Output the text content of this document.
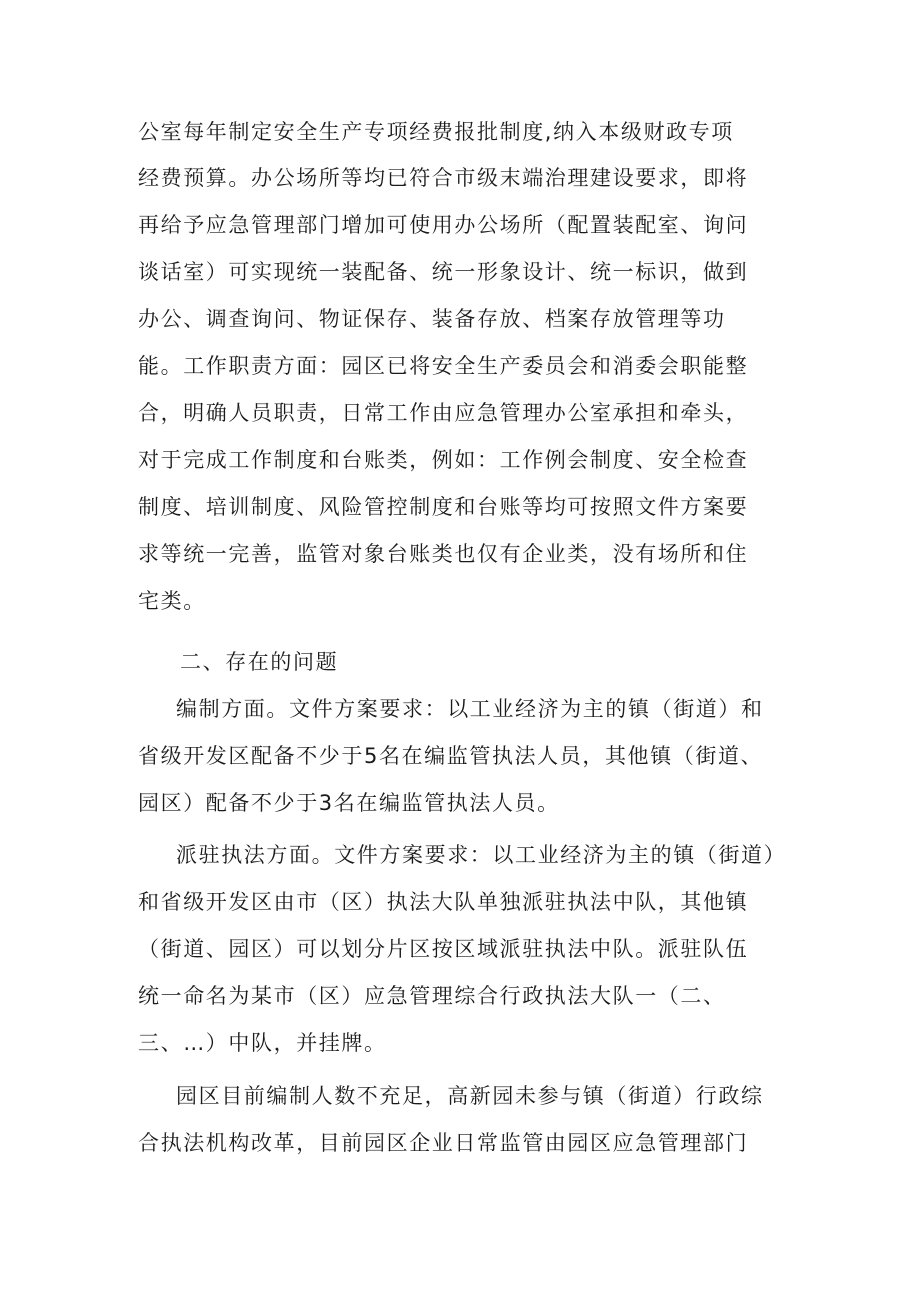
公室每年制定安全生产专项经费报批制度,纳入本级财政专项
经费预算。办公场所等均已符合市级末端治理建设要求，即将
再给予应急管理部门增加可使用办公场所（配置装配室、询问
谈话室）可实现统一装配备、统一形象设计、统一标识，做到
办公、调查询问、物证保存、装备存放、档案存放管理等功
能。工作职责方面：园区已将安全生产委员会和消委会职能整
合，明确人员职责，日常工作由应急管理办公室承担和牵头，
对于完成工作制度和台账类，例如：工作例会制度、安全检查
制度、培训制度、风险管控制度和台账等均可按照文件方案要
求等统一完善，监管对象台账类也仅有企业类，没有场所和住
宅类。
二、存在的问题
编制方面。文件方案要求：以工业经济为主的镇（街道）和
省级开发区配备不少于5名在编监管执法人员，其他镇（街道、
园区）配备不少于3名在编监管执法人员。
派驻执法方面。文件方案要求：以工业经济为主的镇（街道）
和省级开发区由市（区）执法大队单独派驻执法中队，其他镇
（街道、园区）可以划分片区按区域派驻执法中队。派驻队伍
统一命名为某市（区）应急管理综合行政执法大队一（二、
三、…）中队，并挂牌。
园区目前编制人数不充足，高新园未参与镇（街道）行政综
合执法机构改革，目前园区企业日常监管由园区应急管理部门
